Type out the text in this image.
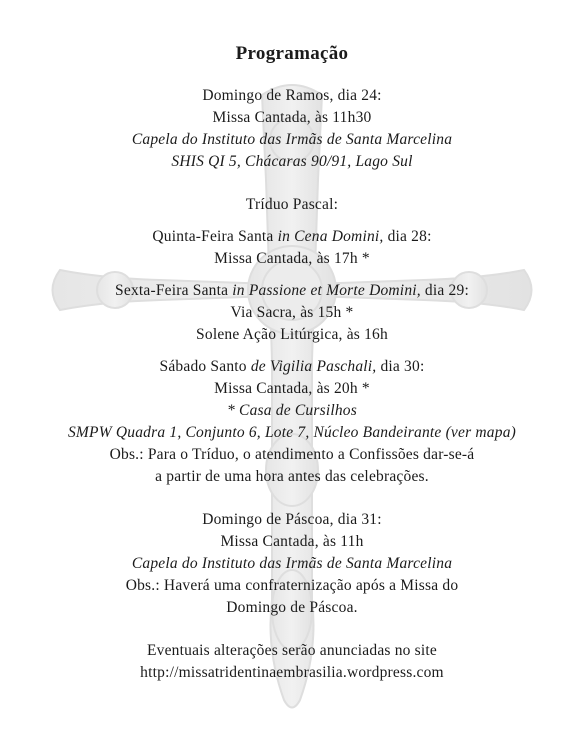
Programação
Domingo de Ramos, dia 24:
Missa Cantada, às 11h30
Capela do Instituto das Irmãs de Santa Marcelina
SHIS QI 5, Chácaras 90/91, Lago Sul
Tríduo Pascal:
Quinta-Feira Santa in Cena Domini, dia 28:
Missa Cantada, às 17h *
Sexta-Feira Santa in Passione et Morte Domini, dia 29:
Via Sacra, às 15h *
Solene Ação Litúrgica, às 16h
Sábado Santo de Vigilia Paschali, dia 30:
Missa Cantada, às 20h *
* Casa de Cursilhos
SMPW Quadra 1, Conjunto 6, Lote 7, Núcleo Bandeirante (ver mapa)
Obs.: Para o Tríduo, o atendimento a Confissões dar-se-á
a partir de uma hora antes das celebrações.
Domingo de Páscoa, dia 31:
Missa Cantada, às 11h
Capela do Instituto das Irmãs de Santa Marcelina
Obs.: Haverá uma confraternização após a Missa do
Domingo de Páscoa.
Eventuais alterações serão anunciadas no site
http://missatridentinaembrasilia.wordpress.com
